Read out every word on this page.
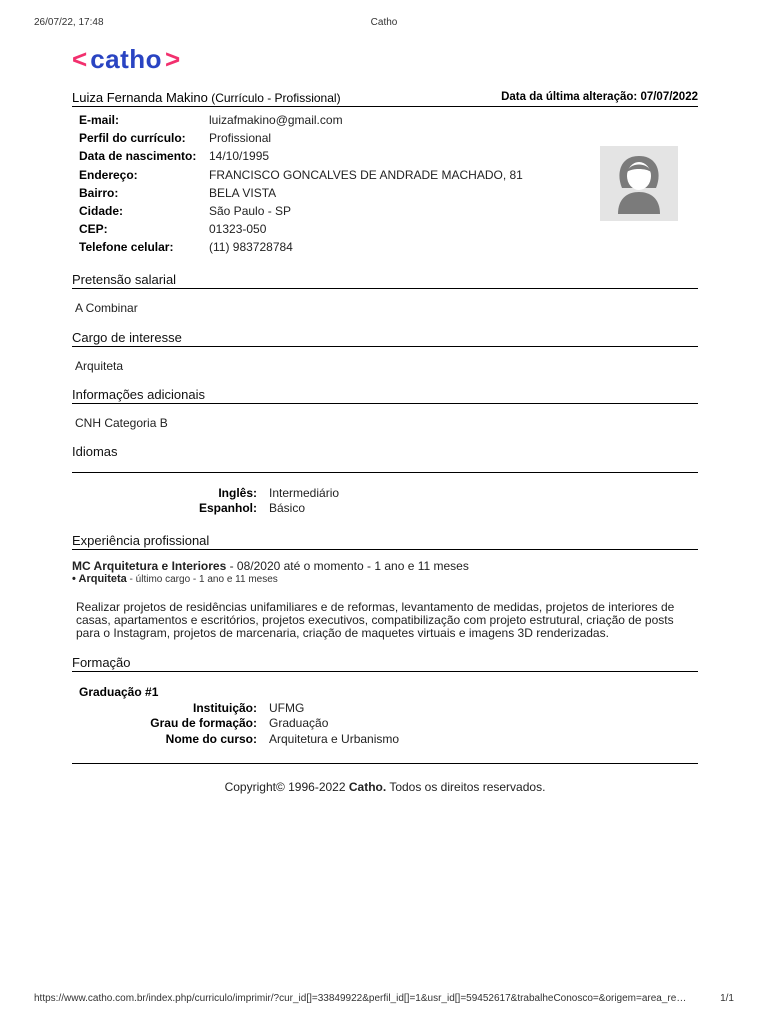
26/07/22, 17:48	Catho
< catho >
Luiza Fernanda Makino (Currículo - Profissional)	Data da última alteração: 07/07/2022
E-mail:	luizafmakino@gmail.com
Perfil do currículo:	Profissional
Data de nascimento:	14/10/1995
Endereço:	FRANCISCO GONCALVES DE ANDRADE MACHADO, 81
Bairro:	BELA VISTA
Cidade:	São Paulo - SP
CEP:	01323-050
Telefone celular:	(11) 983728784
Pretensão salarial
A Combinar
Cargo de interesse
Arquiteta
Informações adicionais
CNH Categoria B
Idiomas
Inglês:	Intermediário
Espanhol:	Básico
Experiência profissional
MC Arquitetura e Interiores - 08/2020 até o momento - 1 ano e 11 meses
• Arquiteta - último cargo - 1 ano e 11 meses
Realizar projetos de residências unifamiliares e de reformas, levantamento de medidas, projetos de interiores de casas, apartamentos e escritórios, projetos executivos, compatibilização com projeto estrutural, criação de posts para o Instagram, projetos de marcenaria, criação de maquetes virtuais e imagens 3D renderizadas.
Formação
Graduação #1
Instituição:	UFMG
Grau de formação:	Graduação
Nome do curso:	Arquitetura e Urbanismo
Copyright© 1996-2022 Catho. Todos os direitos reservados.
https://www.catho.com.br/index.php/curriculo/imprimir/?cur_id[]=33849922&perfil_id[]=1&usr_id[]=59452617&trabalheConosco=&origem=area_re…	1/1
